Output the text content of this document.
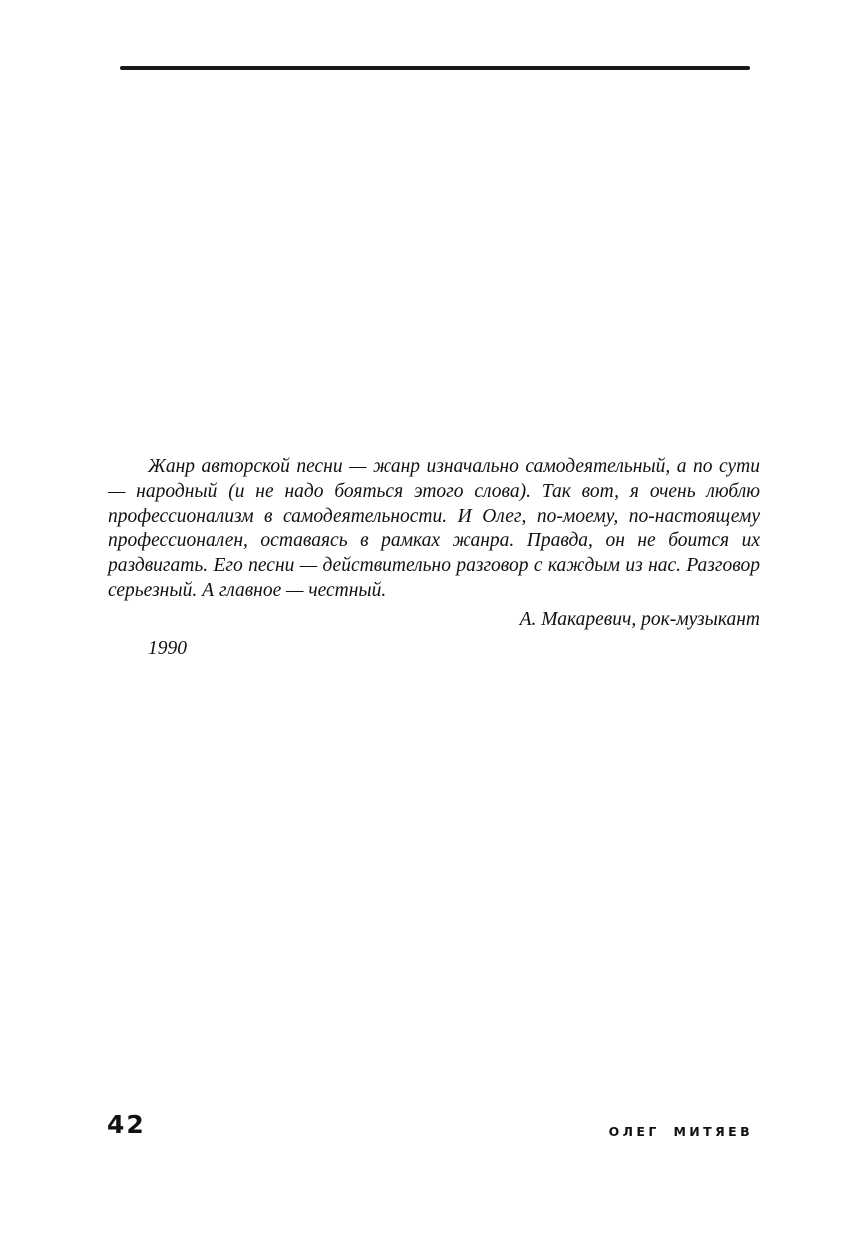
Жанр авторской песни — жанр изначально самодеятельный, а по сути — народный (и не надо бояться этого слова). Так вот, я очень люблю профессионализм в самодеятельности. И Олег, по-моему, по-настоящему профессионален, оставаясь в рамках жанра. Правда, он не боится их раздвигать. Его песни — действительно разговор с каждым из нас. Разговор серьезный. А главное — честный.

А. Макаревич, рок-музыкант

1990
42	ОЛЕГ МИТЯЕВ
